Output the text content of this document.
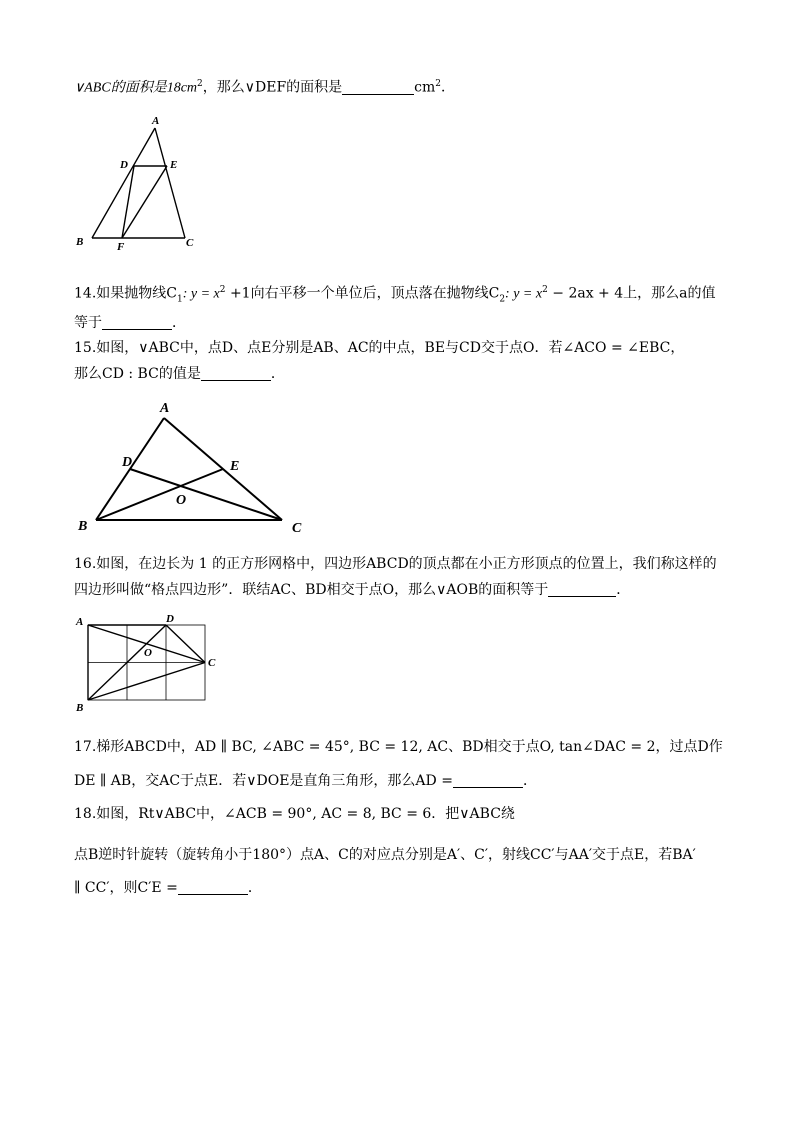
∨ABC的面积是$18cm^2$，那么∨DEF的面积是	$cm^2$．
A
D	E
B	F	C
14.如果抛物线$C_1$: $y = x^2 +1$向右平移一个单位后，顶点落在抛物线$C_2$: $y = x^2 - 2ax + 4$上，那么a的值
等于	．
15.如图，∨ABC中，点D、点E分别是AB、AC的中点，BE与CD交于点O．若∠ACO = ∠EBC，
那么CD : BC的值是	．
A
D	E
O
B	C
16.如图，在边长为 1 的正方形网格中，四边形ABCD的顶点都在小正方形顶点的位置上，我们称这样的
四边形叫做“格点四边形”．联结AC、BD相交于点O，那么∨AOB的面积等于	．
A	D
O
C
B
17.梯形ABCD中，AD ∥ BC, ∠ABC = 45°, BC = 12, AC、BD相交于点O, tan∠DAC = 2，过点D作
DE ∥ AB，交AC于点E．若∨DOE是直角三角形，那么AD =	．
18.如图，Rt∨ABC中，∠ACB = 90°, AC = 8, BC = 6．把∨ABC绕
点B逆时针旋转（旋转角小于180°）点A、C的对应点分别是A′、C′，射线CC′与AA′交于点E，若BA′
∥ CC′，则C′E =	．
